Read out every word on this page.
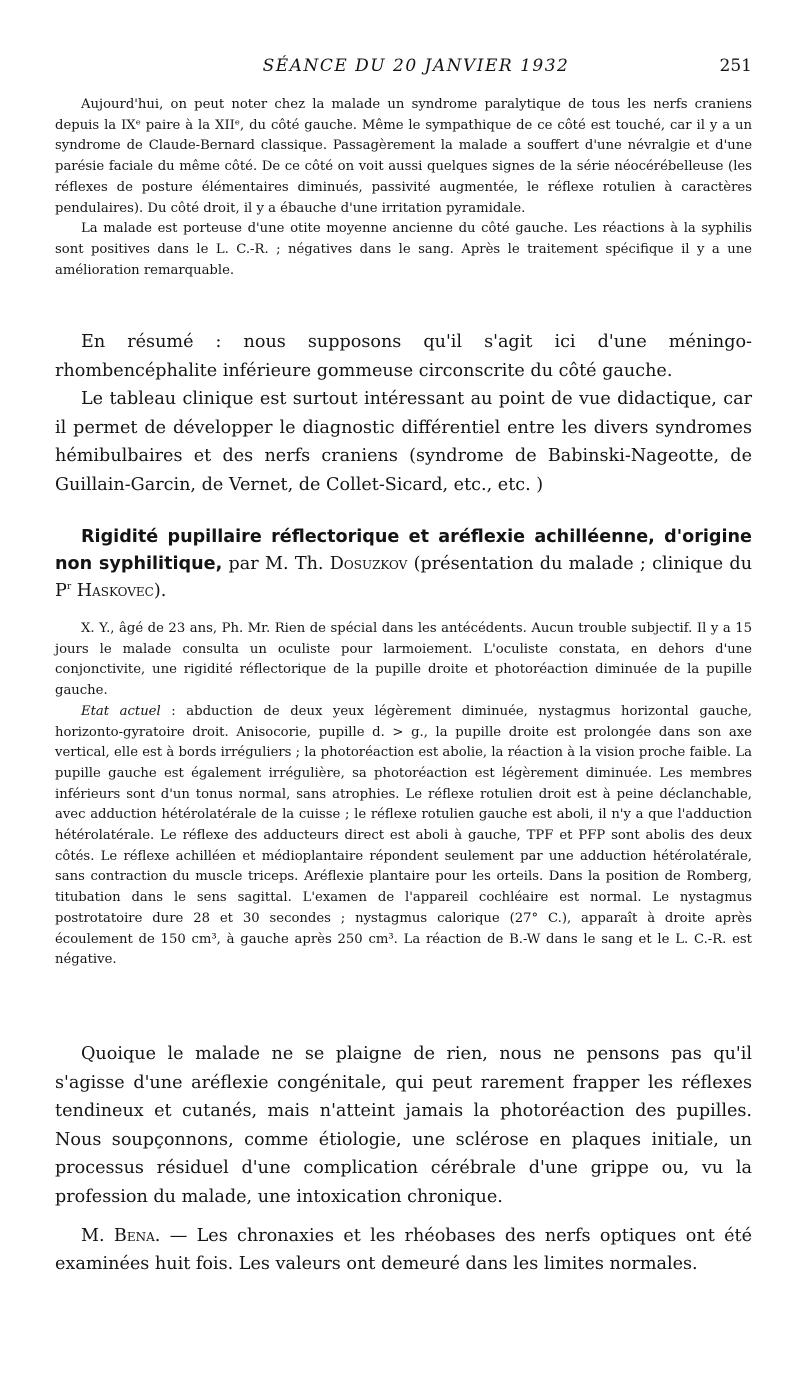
SÉANCE DU 20 JANVIER 1932	251

Aujourd'hui, on peut noter chez la malade un syndrome paralytique de tous les nerfs craniens depuis la IXᵉ paire à la XIIᵉ, du côté gauche. Même le sympathique de ce côté est touché, car il y a un syndrome de Claude-Bernard classique. Passagèrement la malade a souffert d'une névralgie et d'une parésie faciale du même côté. De ce côté on voit aussi quelques signes de la série néocérébelleuse (les réflexes de posture élémentaires diminués, passivité augmentée, le réflexe rotulien à caractères pendulaires). Du côté droit, il y a ébauche d'une irritation pyramidale.

La malade est porteuse d'une otite moyenne ancienne du côté gauche. Les réactions à la syphilis sont positives dans le L. C.-R. ; négatives dans le sang. Après le traitement spécifique il y a une amélioration remarquable.

En résumé : nous supposons qu'il s'agit ici d'une méningo-rhombencéphalite inférieure gommeuse circonscrite du côté gauche.

Le tableau clinique est surtout intéressant au point de vue didactique, car il permet de développer le diagnostic différentiel entre les divers syndromes hémibulbaires et des nerfs craniens (syndrome de Babinski-Nageotte, de Guillain-Garcin, de Vernet, de Collet-Sicard, etc., etc. )

Rigidité pupillaire réflectorique et aréflexie achilléenne, d'origine non syphilitique, par M. Th. Dosuzkov (présentation du malade ; clinique du $P^r$ Haskovec).

X. Y., âgé de 23 ans, Ph. Mr. Rien de spécial dans les antécédents. Aucun trouble subjectif. Il y a 15 jours le malade consulta un oculiste pour larmoiement. L'oculiste constata, en dehors d'une conjonctivite, une rigidité réflectorique de la pupille droite et photoréaction diminuée de la pupille gauche.

Etat actuel : abduction de deux yeux légèrement diminuée, nystagmus horizontal gauche, horizonto-gyratoire droit. Anisocorie, pupille d. > g., la pupille droite est prolongée dans son axe vertical, elle est à bords irréguliers ; la photoréaction est abolie, la réaction à la vision proche faible. La pupille gauche est également irrégulière, sa photoréaction est légèrement diminuée. Les membres inférieurs sont d'un tonus normal, sans atrophies. Le réflexe rotulien droit est à peine déclanchable, avec adduction hétérolatérale de la cuisse ; le réflexe rotulien gauche est aboli, il n'y a que l'adduction hétérolatérale. Le réflexe des adducteurs direct est aboli à gauche, TPF et PFP sont abolis des deux côtés. Le réflexe achilléen et médioplantaire répondent seulement par une adduction hétérolatérale, sans contraction du muscle triceps. Aréflexie plantaire pour les orteils. Dans la position de Romberg, titubation dans le sens sagittal. L'examen de l'appareil cochléaire est normal. Le nystagmus postrotatoire dure 28 et 30 secondes ; nystagmus calorique (27° C.), apparaît à droite après écoulement de 150 cm³, à gauche après 250 cm³. La réaction de B.-W dans le sang et le L. C.-R. est négative.

Quoique le malade ne se plaigne de rien, nous ne pensons pas qu'il s'agisse d'une aréflexie congénitale, qui peut rarement frapper les réflexes tendineux et cutanés, mais n'atteint jamais la photoréaction des pupilles. Nous soupçonnons, comme étiologie, une sclérose en plaques initiale, un processus résiduel d'une complication cérébrale d'une grippe ou, vu la profession du malade, une intoxication chronique.

M. Bena. — Les chronaxies et les rhéobases des nerfs optiques ont été examinées huit fois. Les valeurs ont demeuré dans les limites normales.
